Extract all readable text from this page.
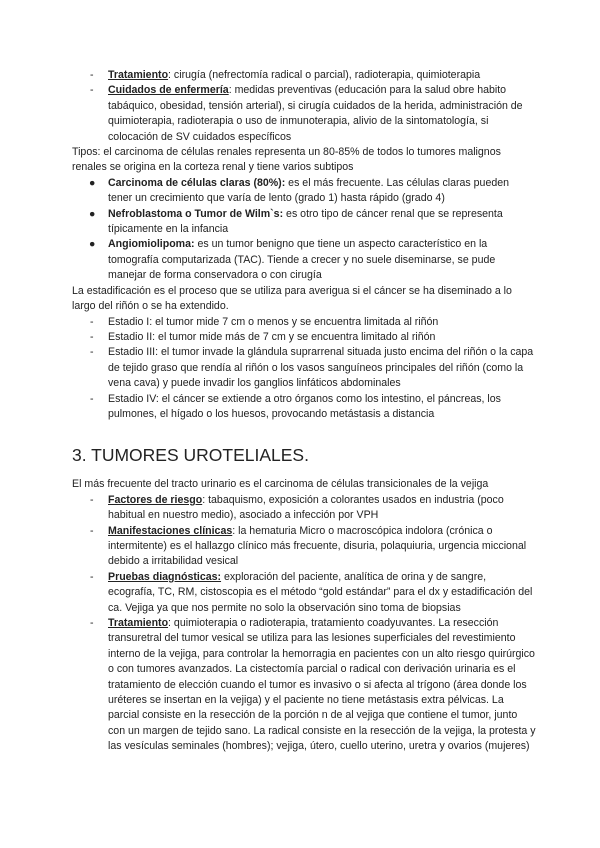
- Tratamiento: cirugía (nefrectomía radical o parcial), radioterapia, quimioterapia
- Cuidados de enfermería: medidas preventivas (educación para la salud obre habito tabáquico, obesidad, tensión arterial), si cirugía cuidados de la herida, administración de quimioterapia, radioterapia o uso de inmunoterapia, alivio de la sintomatología, si colocación de SV cuidados específicos

Tipos: el carcinoma de células renales representa un 80-85% de todos lo tumores malignos renales se origina en la corteza renal y tiene varios subtipos

● Carcinoma de células claras (80%): es el más frecuente. Las células claras pueden tener un crecimiento que varía de lento (grado 1) hasta rápido (grado 4)
● Nefroblastoma o Tumor de Wilm`s: es otro tipo de cáncer renal que se representa típicamente en la infancia
● Angiomiolipoma: es un tumor benigno que tiene un aspecto característico en la tomografía computarizada (TAC). Tiende a crecer y no suele diseminarse, se pude manejar de forma conservadora o con cirugía

La estadificación es el proceso que se utiliza para averigua si el cáncer se ha diseminado a lo largo del riñón o se ha extendido.

- Estadio I: el tumor mide 7 cm o menos y se encuentra limitada al riñón
- Estadio II: el tumor mide más de 7 cm y se encuentra limitado al riñón
- Estadio III: el tumor invade la glándula suprarrenal situada justo encima del riñón o la capa de tejido graso que rendía al riñón o los vasos sanguíneos principales del riñón (como la vena cava) y puede invadir los ganglios linfáticos abdominales
- Estadio IV: el cáncer se extiende a otro órganos como los intestino, el páncreas, los pulmones, el hígado o los huesos, provocando metástasis a distancia
3. TUMORES UROTELIALES.

El más frecuente del tracto urinario es el carcinoma de células transicionales de la vejiga

- Factores de riesgo: tabaquismo, exposición a colorantes usados en industria (poco habitual en nuestro medio), asociado a infección por VPH
- Manifestaciones clínicas: la hematuria Micro o macroscópica indolora (crónica o intermitente) es el hallazgo clínico más frecuente, disuria, polaquiuria, urgencia miccional debido a irritabilidad vesical
- Pruebas diagnósticas: exploración del paciente, analítica de orina y de sangre, ecografía, TC, RM, cistoscopia es el método “gold estándar” para el dx y estadificación del ca. Vejiga ya que nos permite no solo la observación sino toma de biopsias
- Tratamiento: quimioterapia o radioterapia, tratamiento coadyuvantes. La resección transuretral del tumor vesical se utiliza para las lesiones superficiales del revestimiento interno de la vejiga, para controlar la hemorragia en pacientes con un alto riesgo quirúrgico o con tumores avanzados. La cistectomía parcial o radical con derivación urinaria es el tratamiento de elección cuando el tumor es invasivo o si afecta al trígono (área donde los uréteres se insertan en la vejiga) y el paciente no tiene metástasis extra pélvicas. La parcial consiste en la resección de la porción n de al vejiga que contiene el tumor, junto con un margen de tejido sano. La radical consiste en la resección de la vejiga, la protesta y las vesículas seminales (hombres); vejiga, útero, cuello uterino, uretra y ovarios (mujeres)
